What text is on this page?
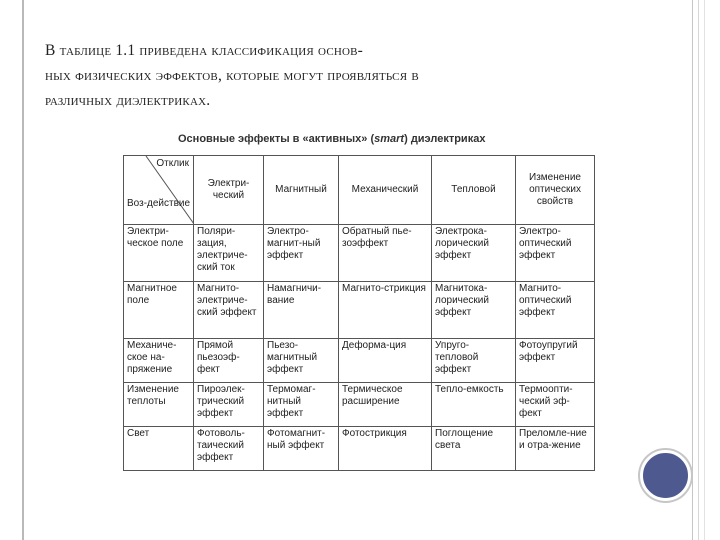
В таблице 1.1 приведена классификация основ-
ных физических эффектов, которые могут проявляться в
различных диэлектриках.
Основные эффекты в «активных» (smart) диэлектриках
Отклик
Воз-действие	Электри-ческий	Магнитный	Механический	Тепловой	Изменение оптических свойств
Электри-ческое поле	Поляри-зация, электриче-ский ток	Электро-магнит-ный эффект	Обратный пье-зоэффект	Электрока-лорический эффект	Электро-оптический эффект
Магнитное поле	Магнито-электриче-ский эффект	Намагничи-вание	Магнито-стрикция	Магнитока-лорический эффект	Магнито-оптический эффект
Механиче-ское на-пряжение	Прямой пьезоэф-фект	Пьезо-магнитный эффект	Деформа-ция	Упруго-тепловой эффект	Фотоупругий эффект
Изменение теплоты	Пироэлек-трический эффект	Термомаг-нитный эффект	Термическое расширение	Тепло-емкость	Термоопти-ческий эф-фект
Свет	Фотоволь-таический эффект	Фотомагнит-ный эффект	Фотострикция	Поглощение света	Преломле-ние и отра-жение
